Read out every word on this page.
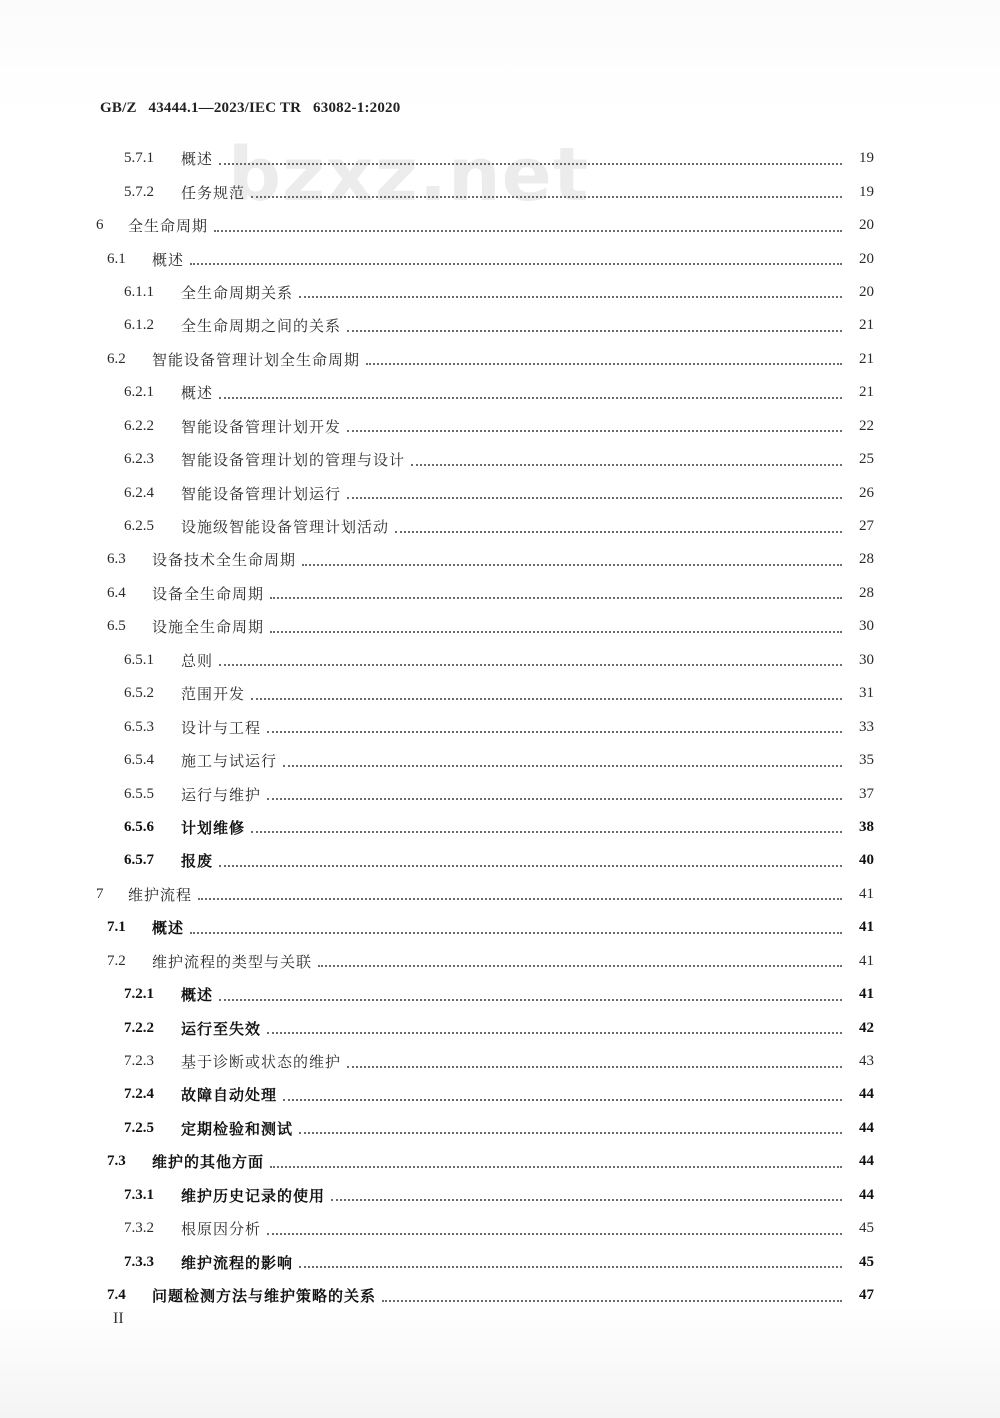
GB/Z   43444.1—2023/IEC TR   63082-1:2020
5.7.1	概述	19
5.7.2	任务规范	19
6	全生命周期	20
6.1	概述	20
6.1.1	全生命周期关系	20
6.1.2	全生命周期之间的关系	21
6.2	智能设备管理计划全生命周期	21
6.2.1	概述	21
6.2.2	智能设备管理计划开发	22
6.2.3	智能设备管理计划的管理与设计	25
6.2.4	智能设备管理计划运行	26
6.2.5	设施级智能设备管理计划活动	27
6.3	设备技术全生命周期	28
6.4	设备全生命周期	28
6.5	设施全生命周期	30
6.5.1	总则	30
6.5.2	范围开发	31
6.5.3	设计与工程	33
6.5.4	施工与试运行	35
6.5.5	运行与维护	37
6.5.6	计划维修	38
6.5.7	报废	40
7	维护流程	41
7.1	概述	41
7.2	维护流程的类型与关联	41
7.2.1	概述	41
7.2.2	运行至失效	42
7.2.3	基于诊断或状态的维护	43
7.2.4	故障自动处理	44
7.2.5	定期检验和测试	44
7.3	维护的其他方面	44
7.3.1	维护历史记录的使用	44
7.3.2	根原因分析	45
7.3.3	维护流程的影响	45
7.4	问题检测方法与维护策略的关系	47
II
